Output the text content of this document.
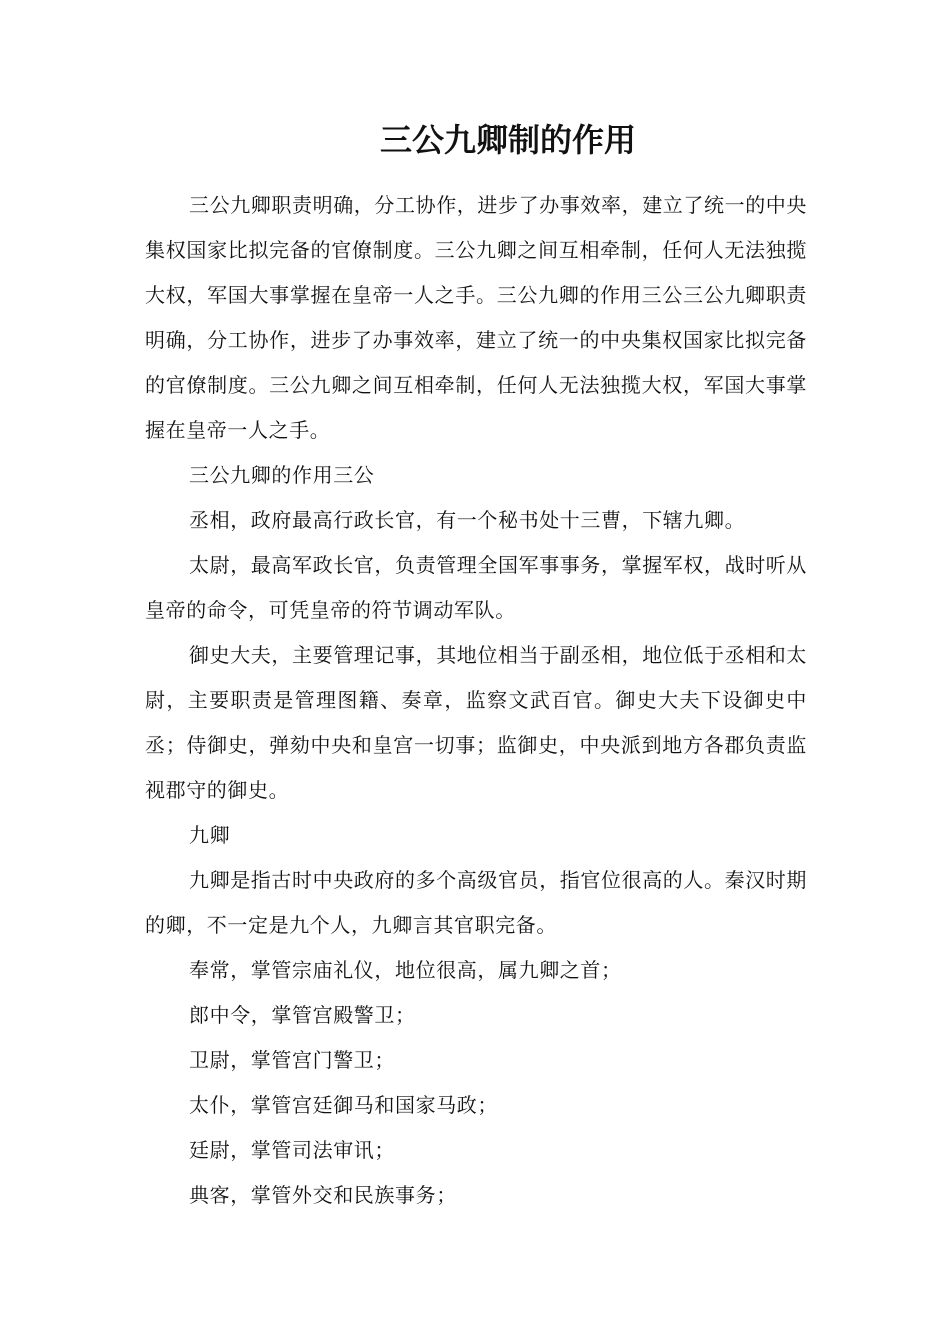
三公九卿制的作用

三公九卿职责明确，分工协作，进步了办事效率，建立了统一的中央集权国家比拟完备的官僚制度。三公九卿之间互相牵制，任何人无法独揽大权，军国大事掌握在皇帝一人之手。三公九卿的作用三公三公九卿职责明确，分工协作，进步了办事效率，建立了统一的中央集权国家比拟完备的官僚制度。三公九卿之间互相牵制，任何人无法独揽大权，军国大事掌握在皇帝一人之手。

三公九卿的作用三公

丞相，政府最高行政长官，有一个秘书处十三曹，下辖九卿。

太尉，最高军政长官，负责管理全国军事事务，掌握军权，战时听从皇帝的命令，可凭皇帝的符节调动军队。

御史大夫，主要管理记事，其地位相当于副丞相，地位低于丞相和太尉，主要职责是管理图籍、奏章，监察文武百官。御史大夫下设御史中丞；侍御史，弹劾中央和皇宫一切事；监御史，中央派到地方各郡负责监视郡守的御史。

九卿

九卿是指古时中央政府的多个高级官员，指官位很高的人。秦汉时期的卿，不一定是九个人，九卿言其官职完备。

奉常，掌管宗庙礼仪，地位很高，属九卿之首；

郎中令，掌管宫殿警卫；

卫尉，掌管宫门警卫；

太仆，掌管宫廷御马和国家马政；

廷尉，掌管司法审讯；

典客，掌管外交和民族事务；
